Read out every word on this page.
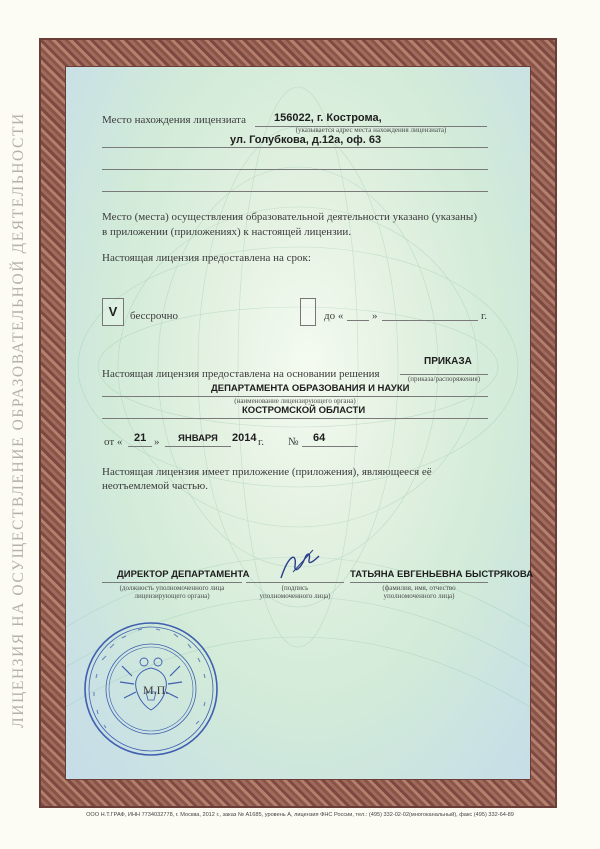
ЛИЦЕНЗИЯ НА ОСУЩЕСТВЛЕНИЕ ОБРАЗОВАТЕЛЬНОЙ ДЕЯТЕЛЬНОСТИ	Место нахождения лицензиата	156022, г. Кострома,
(указывается адрес места нахождения лицензиата)
ул. Голубкова, д.12а, оф. 63
Место (места) осуществления образовательной деятельности указано (указаны)
в приложении (приложениях) к настоящей лицензии.
Настоящая лицензия предоставлена на срок:
V	бессрочно	до «	»	г.
Настоящая лицензия предоставлена на основании решения
ПРИКАЗА
(приказа/распоряжения)
ДЕПАРТАМЕНТА ОБРАЗОВАНИЯ И НАУКИ
(наименование лицензирующего органа)
КОСТРОМСКОЙ ОБЛАСТИ
от « 21 » ЯНВАРЯ 2014 г. № 64
Настоящая лицензия имеет приложение (приложения), являющееся её
неотъемлемой частью.
ДИРЕКТОР ДЕПАРТАМЕНТА
(должность уполномоченного лица
лицензирующего органа)
(подпись
уполномоченного лица)
ТАТЬЯНА ЕВГЕНЬЕВНА БЫСТРЯКОВА
(фамилия, имя, отчество
уполномоченного лица)
М.П.
ООО Н.Т.ГРАФ, ИНН 7734032778, г. Москва, 2012 г., заказ № А1685, уровень А, лицензия ФНС России, тел.: (495) 332-02-02(многоканальный), факс (495) 332-64-89
